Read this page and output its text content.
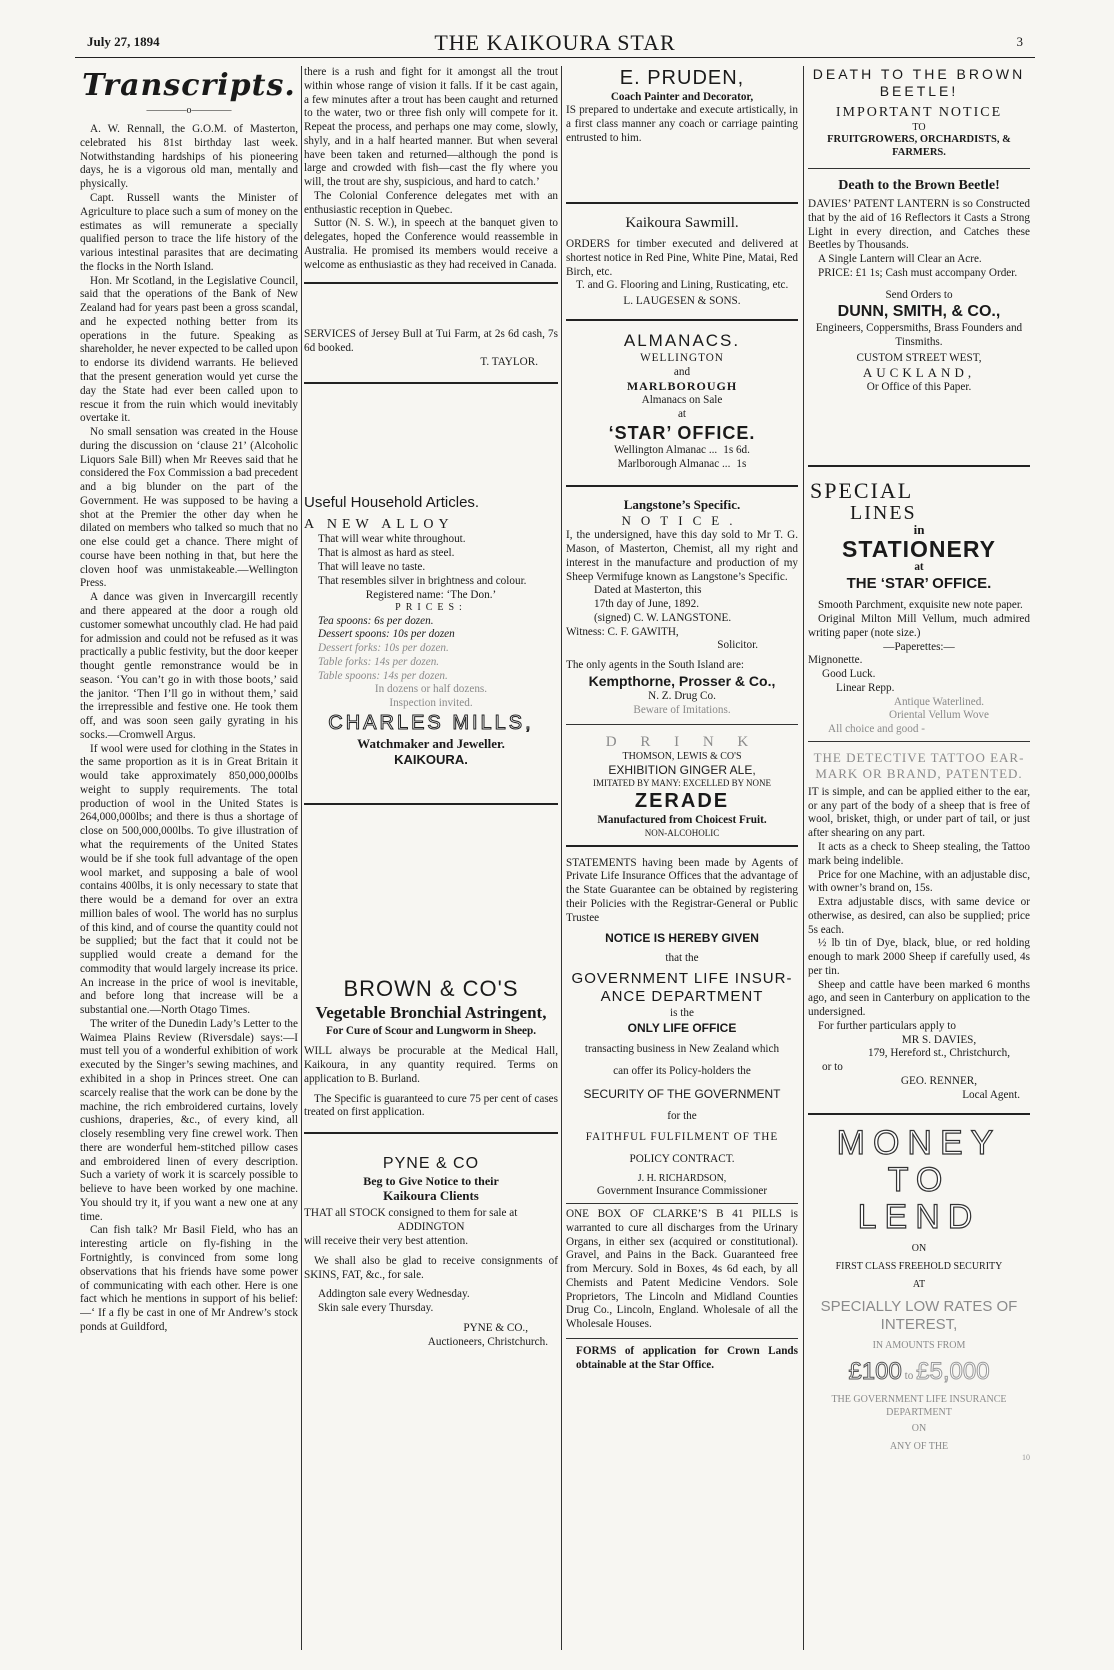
July 27, 1894	THE KAIKOURA STAR	3
Transcripts.
————o————

A. W. Rennall, the G.O.M. of Masterton, celebrated his 81st birthday last week. Notwithstanding hardships of his pioneering days, he is a vigorous old man, mentally and physically.

Capt. Russell wants the Minister of Agriculture to place such a sum of money on the estimates as will remunerate a specially qualified person to trace the life history of the various intestinal parasites that are decimating the flocks in the North Island.

Hon. Mr Scotland, in the Legislative Council, said that the operations of the Bank of New Zealand had for years past been a gross scandal, and he expected nothing better from its operations in the future. Speaking as shareholder, he never expected to be called upon to endorse its dividend warrants. He believed that the present generation would yet curse the day the State had ever been called upon to rescue it from the ruin which would inevitably overtake it.

No small sensation was created in the House during the discussion on ‘clause 21’ (Alcoholic Liquors Sale Bill) when Mr Reeves said that he considered the Fox Commission a bad precedent and a big blunder on the part of the Government. He was supposed to be having a shot at the Premier the other day when he dilated on members who talked so much that no one else could get a chance. There might of course have been nothing in that, but here the cloven hoof was unmistakeable.—Wellington Press.

A dance was given in Invercargill recently and there appeared at the door a rough old customer somewhat uncouthly clad. He had paid for admission and could not be refused as it was practically a public festivity, but the door keeper thought gentle remonstrance would be in season. ‘You can’t go in with those boots,’ said the janitor. ‘Then I’ll go in without them,’ said the irrepressible and festive one. He took them off, and was soon seen gaily gyrating in his socks.—Cromwell Argus.

If wool were used for clothing in the States in the same proportion as it is in Great Britain it would take approximately 850,000,000lbs weight to supply requirements. The total production of wool in the United States is 264,000,000lbs; and there is thus a shortage of close on 500,000,000lbs. To give illustration of what the requirements of the United States would be if she took full advantage of the open wool market, and supposing a bale of wool contains 400lbs, it is only necessary to state that there would be a demand for over an extra million bales of wool. The world has no surplus of this kind, and of course the quantity could not be supplied; but the fact that it could not be supplied would create a demand for the commodity that would largely increase its price. An increase in the price of wool is inevitable, and before long that increase will be a substantial one.—North Otago Times.

The writer of the Dunedin Lady’s Letter to the Waimea Plains Review (Riversdale) says:—I must tell you of a wonderful exhibition of work executed by the Singer’s sewing machines, and exhibited in a shop in Princes street. One can scarcely realise that the work can be done by the machine, the rich embroidered curtains, lovely cushions, draperies, &c., of every kind, all closely resembling very fine crewel work. Then there are wonderful hem-stitched pillow cases and embroidered linen of every description. Such a variety of work it is scarcely possible to believe to have been worked by one machine. You should try it, if you want a new one at any time.

Can fish talk? Mr Basil Field, who has an interesting article on fly-fishing in the Fortnightly, is convinced from some long observations that his friends have some power of communicating with each other. Here is one fact which he mentions in support of his belief:—‘ If a fly be cast in one of Mr Andrew’s stock ponds at Guildford,

there is a rush and fight for it amongst all the trout within whose range of vision it falls. If it be cast again, a few minutes after a trout has been caught and returned to the water, two or three fish only will compete for it. Repeat the process, and perhaps one may come, slowly, shyly, and in a half hearted manner. But when several have been taken and returned—although the pond is large and crowded with fish—cast the fly where you will, the trout are shy, suspicious, and hard to catch.’

The Colonial Conference delegates met with an enthusiastic reception in Quebec.

Suttor (N. S. W.), in speech at the banquet given to delegates, hoped the Conference would reassemble in Australia. He promised its members would receive a welcome as enthusiastic as they had received in Canada.

SERVICES of Jersey Bull at Tui Farm, at 2s 6d cash, 7s 6d booked.

T. TAYLOR.
Useful Household Articles.
A NEW ALLOY
That will wear white throughout.
That is almost as hard as steel.
That will leave no taste.
That resembles silver in brightness and colour.
Registered name: ‘The Don.’
PRICES:
Tea spoons: 6s per dozen.
Dessert spoons: 10s per dozen
Dessert forks: 10s per dozen.
Table forks: 14s per dozen.
Table spoons: 14s per dozen.
In dozens or half dozens.
Inspection invited.
CHARLES MILLS,
Watchmaker and Jeweller.
KAIKOURA.
BROWN & CO'S
Vegetable Bronchial Astringent,
For Cure of Scour and Lungworm in Sheep.

WILL always be procurable at the Medical Hall, Kaikoura, in any quantity required. Terms on application to B. Burland.

The Specific is guaranteed to cure 75 per cent of cases treated on first application.

PYNE & CO
Beg to Give Notice to their
Kaikoura Clients

THAT all STOCK consigned to them for sale at

ADDINGTON
will receive their very best attention.

We shall also be glad to receive consignments of SKINS, FAT, &c., for sale.

Addington sale every Wednesday.
Skin sale every Thursday.
PYNE & CO.,
Auctioneers, Christchurch.
E. PRUDEN,
Coach Painter and Decorator,

IS prepared to undertake and execute artistically, in a first class manner any coach or carriage painting entrusted to him.

Kaikoura Sawmill.

ORDERS for timber executed and delivered at shortest notice in Red Pine, White Pine, Matai, Red Birch, etc.

T. and G. Flooring and Lining, Rusticating, etc.

L. LAUGESEN & SONS.
ALMANACS.
WELLINGTON
and
MARLBOROUGH
Almanacs on Sale
at
‘STAR’ OFFICE.
Wellington Almanac ... 1s 6d.
Marlborough Almanac ... 1s
Langstone’s Specific.
NOTICE.

I, the undersigned, have this day sold to Mr T. G. Mason, of Masterton, Chemist, all my right and interest in the manufacture and production of my Sheep Vermifuge known as Langstone’s Specific.

Dated at Masterton, this
17th day of June, 1892.
(signed) C. W. LANGSTONE.
Witness: C. F. GAWITH,
Solicitor.

The only agents in the South Island are:

Kempthorne, Prosser & Co.,
N. Z. Drug Co.
Beware of Imitations.
D R I N K
THOMSON, LEWIS & CO'S
EXHIBITION GINGER ALE,
IMITATED BY MANY: EXCELLED BY NONE
ZERADE
Manufactured from Choicest Fruit.
NON-ALCOHOLIC

STATEMENTS having been made by Agents of Private Life Insurance Offices that the advantage of the State Guarantee can be obtained by registering their Policies with the Registrar-General or Public Trustee

NOTICE IS HEREBY GIVEN
that the
GOVERNMENT LIFE INSUR-
ANCE DEPARTMENT
is the
ONLY LIFE OFFICE
transacting business in New Zealand which
can offer its Policy-holders the
SECURITY OF THE GOVERNMENT
for the
FAITHFUL FULFILMENT OF THE
POLICY CONTRACT.
J. H. RICHARDSON,
Government Insurance Commissioner

ONE BOX OF CLARKE’S B 41 PILLS is warranted to cure all discharges from the Urinary Organs, in either sex (acquired or constitutional). Gravel, and Pains in the Back. Guaranteed free from Mercury. Sold in Boxes, 4s 6d each, by all Chemists and Patent Medicine Vendors. Sole Proprietors, The Lincoln and Midland Counties Drug Co., Lincoln, England. Wholesale of all the Wholesale Houses.

FORMS of application for Crown Lands obtainable at the Star Office.

DEATH TO THE BROWN
BEETLE!
IMPORTANT NOTICE
TO
FRUITGROWERS, ORCHARDISTS, & FARMERS.
Death to the Brown Beetle!

DAVIES’ PATENT LANTERN is so Constructed that by the aid of 16 Reflectors it Casts a Strong Light in every direction, and Catches these Beetles by Thousands.

A Single Lantern will Clear an Acre.

PRICE: £1 1s; Cash must accompany Order.

Send Orders to
DUNN, SMITH, & CO.,
Engineers, Coppersmiths, Brass Founders and Tinsmiths.
CUSTOM STREET WEST,
AUCKLAND,
Or Office of this Paper.
SPECIAL
LINES
in
STATIONERY
at
THE ‘STAR’ OFFICE.

Smooth Parchment, exquisite new note paper.

Original Milton Mill Vellum, much admired writing paper (note size.)

—Paperettes:—
Mignonette.
Good Luck.
Linear Repp.
Antique Waterlined.
Oriental Vellum Wove
All choice and good -
THE DETECTIVE TATTOO EAR-MARK OR BRAND, PATENTED.

IT is simple, and can be applied either to the ear, or any part of the body of a sheep that is free of wool, brisket, thigh, or under part of tail, or just after shearing on any part.

It acts as a check to Sheep stealing, the Tattoo mark being indelible.

Price for one Machine, with an adjustable disc, with owner’s brand on, 15s.

Extra adjustable discs, with same device or otherwise, as desired, can also be supplied; price 5s each.

½ lb tin of Dye, black, blue, or red holding enough to mark 2000 Sheep if carefully used, 4s per tin.

Sheep and cattle have been marked 6 months ago, and seen in Canterbury on application to the undersigned.

For further particulars apply to

MR S. DAVIES,
179, Hereford st., Christchurch,
or to
GEO. RENNER,
Local Agent.
MONEY TO
LEND
ON
FIRST CLASS FREEHOLD SECURITY
AT
SPECIALLY LOW RATES OF
INTEREST,
IN AMOUNTS FROM
£100 to £5,000
THE GOVERNMENT LIFE INSURANCE
DEPARTMENT
ON
ANY OF THE
10
